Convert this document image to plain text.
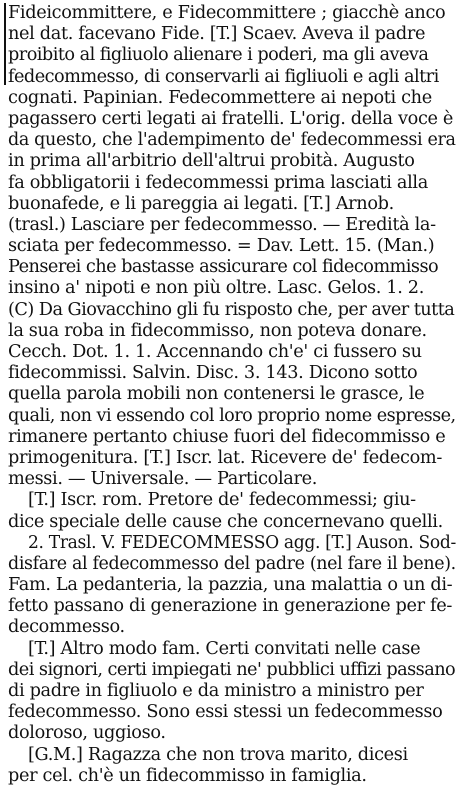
Fideicommittere, e Fidecommittere ; giacchè anco
nel dat. facevano Fide. [T.] Scaev. Aveva il padre
proibito al figliuolo alienare i poderi, ma gli aveva
fedecommesso, di conservarli ai figliuoli e agli altri
cognati. Papinian. Fedecommettere ai nepoti che
pagassero certi legati ai fratelli. L'orig. della voce è
da questo, che l'adempimento de' fedecommessi era
in prima all'arbitrio dell'altrui probità. Augusto
fa obbligatorii i fedecommessi prima lasciati alla
buonafede, e li pareggia ai legati. [T.] Arnob.
(trasl.) Lasciare per fedecommesso. — Eredità la-
sciata per fedecommesso. = Dav. Lett. 15. (Man.)
Penserei che bastasse assicurare col fidecommisso
insino a' nipoti e non più oltre. Lasc. Gelos. 1. 2.
(C) Da Giovacchino gli fu risposto che, per aver tutta
la sua roba in fidecommisso, non poteva donare.
Cecch. Dot. 1. 1. Accennando ch'e' ci fussero su
fidecommissi. Salvin. Disc. 3. 143. Dicono sotto
quella parola mobili non contenersi le grasce, le
quali, non vi essendo col loro proprio nome espresse,
rimanere pertanto chiuse fuori del fidecommisso e
primogenitura. [T.] Iscr. lat. Ricevere de' fedecom-
messi. — Universale. — Particolare.
[T.] Iscr. rom. Pretore de' fedecommessi; giu-
dice speciale delle cause che concernevano quelli.
2. Trasl. V. FEDECOMMESSO agg. [T.] Auson. Sod-
disfare al fedecommesso del padre (nel fare il bene).
Fam. La pedanteria, la pazzia, una malattia o un di-
fetto passano di generazione in generazione per fe-
decommesso.
[T.] Altro modo fam. Certi convitati nelle case
dei signori, certi impiegati ne' pubblici uffizi passano
di padre in figliuolo e da ministro a ministro per
fedecommesso. Sono essi stessi un fedecommesso
doloroso, uggioso.
[G.M.] Ragazza che non trova marito, dicesi
per cel. ch'è un fidecommisso in famiglia.
